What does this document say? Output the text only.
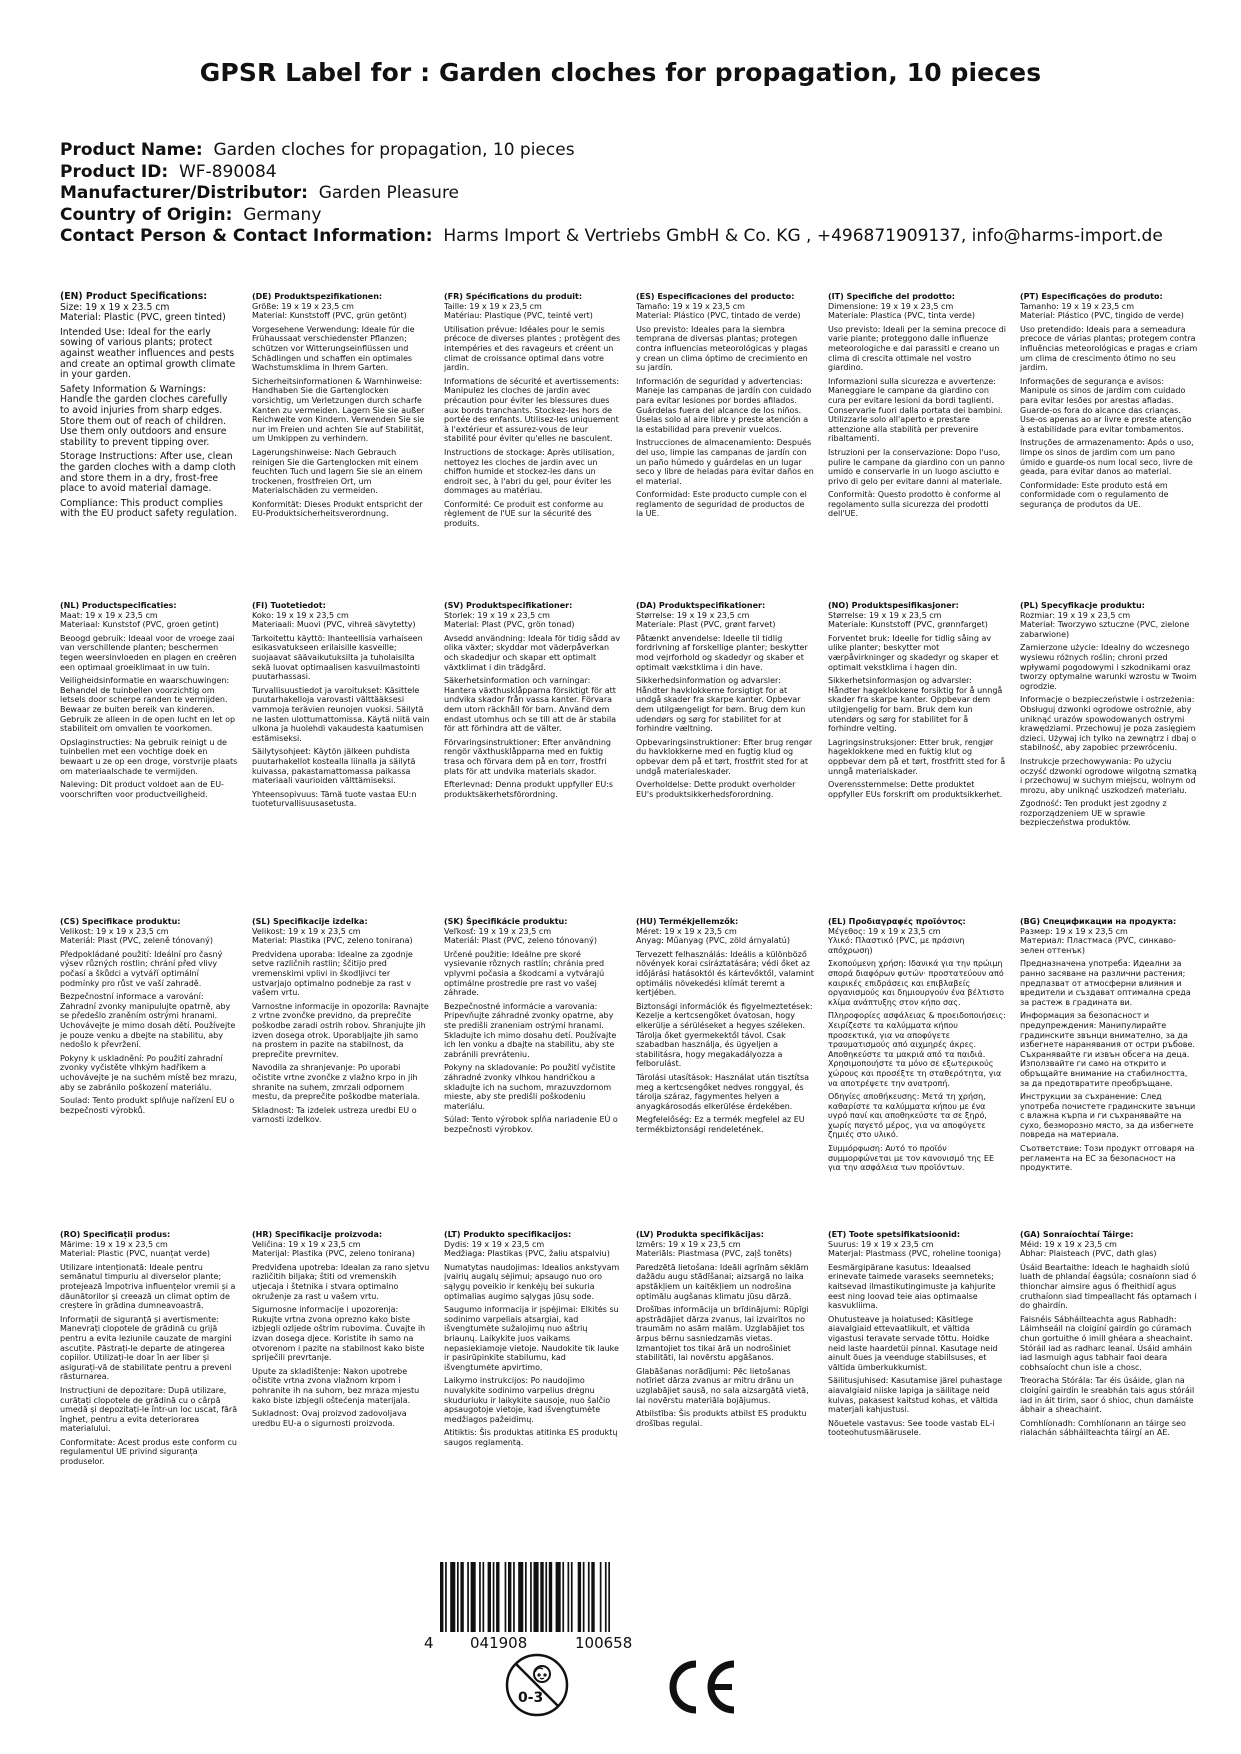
GPSR Label for : Garden cloches for propagation, 10 pieces
Product Name: Garden cloches for propagation, 10 pieces
Product ID: WF-890084
Manufacturer/Distributor: Garden Pleasure
Country of Origin: Germany
Contact Person & Contact Information: Harms Import & Vertriebs GmbH & Co. KG , +496871909137, info@harms-import.de
(EN) Product Specifications:
Size: 19 x 19 x 23.5 cm
Material: Plastic (PVC, green tinted)
Intended Use: Ideal for the early sowing of various plants; protect against weather influences and pests and create an optimal growth climate in your garden.
Safety Information & Warnings: Handle the garden cloches carefully to avoid injuries from sharp edges. Store them out of reach of children. Use them only outdoors and ensure stability to prevent tipping over.
Storage Instructions: After use, clean the garden cloches with a damp cloth and store them in a dry, frost-free place to avoid material damage.
Compliance: This product complies with the EU product safety regulation.
(DE) Produktspezifikationen:
Größe: 19 x 19 x 23,5 cm
Material: Kunststoff (PVC, grün getönt)
Vorgesehene Verwendung: Ideale für die Frühaussaat verschiedenster Pflanzen; schützen vor Witterungseinflüssen und Schädlingen und schaffen ein optimales Wachstumsklima in Ihrem Garten.
Sicherheitsinformationen & Warnhinweise: Handhaben Sie die Gartenglocken vorsichtig, um Verletzungen durch scharfe Kanten zu vermeiden. Lagern Sie sie außer Reichweite von Kindern. Verwenden Sie sie nur im Freien und achten Sie auf Stabilität, um Umkippen zu verhindern.
Lagerungshinweise: Nach Gebrauch reinigen Sie die Gartenglocken mit einem feuchten Tuch und lagern Sie sie an einem trockenen, frostfreien Ort, um Materialschäden zu vermeiden.
Konformität: Dieses Produkt entspricht der EU-Produktsicherheitsverordnung.
(FR) Spécifications du produit:
Taille: 19 x 19 x 23,5 cm
Matériau: Plastique (PVC, teinté vert)
Utilisation prévue: Idéales pour le semis précoce de diverses plantes ; protègent des intempéries et des ravageurs et créent un climat de croissance optimal dans votre jardin.
Informations de sécurité et avertissements: Manipulez les cloches de jardin avec précaution pour éviter les blessures dues aux bords tranchants. Stockez-les hors de portée des enfants. Utilisez-les uniquement à l'extérieur et assurez-vous de leur stabilité pour éviter qu'elles ne basculent.
Instructions de stockage: Après utilisation, nettoyez les cloches de jardin avec un chiffon humide et stockez-les dans un endroit sec, à l'abri du gel, pour éviter les dommages au matériau.
Conformité: Ce produit est conforme au règlement de l'UE sur la sécurité des produits.
(ES) Especificaciones del producto:
Tamaño: 19 x 19 x 23,5 cm
Material: Plástico (PVC, tintado de verde)
Uso previsto: Ideales para la siembra temprana de diversas plantas; protegen contra influencias meteorológicas y plagas y crean un clima óptimo de crecimiento en su jardín.
Información de seguridad y advertencias: Maneje las campanas de jardín con cuidado para evitar lesiones por bordes afilados. Guárdelas fuera del alcance de los niños. Úselas solo al aire libre y preste atención a la estabilidad para prevenir vuelcos.
Instrucciones de almacenamiento: Después del uso, limpie las campanas de jardín con un paño húmedo y guárdelas en un lugar seco y libre de heladas para evitar daños en el material.
Conformidad: Este producto cumple con el reglamento de seguridad de productos de la UE.
(IT) Specifiche del prodotto:
Dimensione: 19 x 19 x 23,5 cm
Materiale: Plastica (PVC, tinta verde)
Uso previsto: Ideali per la semina precoce di varie piante; proteggono dalle influenze meteorologiche e dai parassiti e creano un clima di crescita ottimale nel vostro giardino.
Informazioni sulla sicurezza e avvertenze: Maneggiare le campane da giardino con cura per evitare lesioni da bordi taglienti. Conservarle fuori dalla portata dei bambini. Utilizzarle solo all'aperto e prestare attenzione alla stabilità per prevenire ribaltamenti.
Istruzioni per la conservazione: Dopo l'uso, pulire le campane da giardino con un panno umido e conservarle in un luogo asciutto e privo di gelo per evitare danni al materiale.
Conformità: Questo prodotto è conforme al regolamento sulla sicurezza dei prodotti dell'UE.
(PT) Especificações do produto:
Tamanho: 19 x 19 x 23,5 cm
Material: Plástico (PVC, tingido de verde)
Uso pretendido: Ideais para a semeadura precoce de várias plantas; protegem contra influências meteorológicas e pragas e criam um clima de crescimento ótimo no seu jardim.
Informações de segurança e avisos: Manipule os sinos de jardim com cuidado para evitar lesões por arestas afiadas. Guarde-os fora do alcance das crianças. Use-os apenas ao ar livre e preste atenção à estabilidade para evitar tombamentos.
Instruções de armazenamento: Após o uso, limpe os sinos de jardim com um pano úmido e guarde-os num local seco, livre de geada, para evitar danos ao material.
Conformidade: Este produto está em conformidade com o regulamento de segurança de produtos da UE.
(NL) Productspecificaties:
Maat: 19 x 19 x 23,5 cm
Materiaal: Kunststof (PVC, groen getint)
Beoogd gebruik: Ideaal voor de vroege zaai van verschillende planten; beschermen tegen weersinvloeden en plagen en creëren een optimaal groeiklimaat in uw tuin.
Veiligheidsinformatie en waarschuwingen: Behandel de tuinbellen voorzichtig om letsels door scherpe randen te vermijden. Bewaar ze buiten bereik van kinderen. Gebruik ze alleen in de open lucht en let op stabiliteit om omvallen te voorkomen.
Opslaginstructies: Na gebruik reinigt u de tuinbellen met een vochtige doek en bewaart u ze op een droge, vorstvrije plaats om materiaalschade te vermijden.
Naleving: Dit product voldoet aan de EU-voorschriften voor productveiligheid.
(FI) Tuotetiedot:
Koko: 19 x 19 x 23,5 cm
Materiaali: Muovi (PVC, vihreä sävytetty)
Tarkoitettu käyttö: Ihanteellisia varhaiseen esikasvatukseen erilaisille kasveille; suojaavat säävaikutuksilta ja tuholaisilta sekä luovat optimaalisen kasvuilmastointi puutarhassasi.
Turvallisuustiedot ja varoitukset: Käsittele puutarhakelloja varovasti välttääksesi vammoja terävien reunojen vuoksi. Säilytä ne lasten ulottumattomissa. Käytä niitä vain ulkona ja huolehdi vakaudesta kaatumisen estämiseksi.
Säilytysohjeet: Käytön jälkeen puhdista puutarhakellot kostealla liinalla ja säilytä kuivassa, pakastamattomassa paikassa materiaali vaurioiden välttämiseksi.
Yhteensopivuus: Tämä tuote vastaa EU:n tuoteturvallisuusasetusta.
(SV) Produktspecifikationer:
Storlek: 19 x 19 x 23,5 cm
Material: Plast (PVC, grön tonad)
Avsedd användning: Ideala för tidig sådd av olika växter; skyddar mot väderpåverkan och skadedjur och skapar ett optimalt växtklimat i din trädgård.
Säkerhetsinformation och varningar: Hantera växthusklåpparna försiktigt för att undvika skador från vassa kanter. Förvara dem utom räckhåll för barn. Använd dem endast utomhus och se till att de är stabila för att förhindra att de välter.
Förvaringsinstruktioner: Efter användning rengör växthusklåpparna med en fuktig trasa och förvara dem på en torr, frostfri plats för att undvika materials skador.
Efterlevnad: Denna produkt uppfyller EU:s produktsäkerhetsförordning.
(DA) Produktspecifikationer:
Størrelse: 19 x 19 x 23,5 cm
Materiale: Plast (PVC, grønt farvet)
Påtænkt anvendelse: Ideelle til tidlig fordrivning af forskellige planter; beskytter mod vejrforhold og skadedyr og skaber et optimalt vækstklima i din have.
Sikkerhedsinformation og advarsler: Håndter havklokkerne forsigtigt for at undgå skader fra skarpe kanter. Opbevar dem utilgængeligt for børn. Brug dem kun udendørs og sørg for stabilitet for at forhindre væltning.
Opbevaringsinstruktioner: Efter brug rengør du havklokkerne med en fugtig klud og opbevar dem på et tørt, frostfrit sted for at undgå materialeskader.
Overholdelse: Dette produkt overholder EU's produktsikkerhedsforordning.
(NO) Produktspesifikasjoner:
Størrelse: 19 x 19 x 23,5 cm
Materiale: Kunststoff (PVC, grønnfarget)
Forventet bruk: Ideelle for tidlig såing av ulike planter; beskytter mot værpåvirkninger og skadedyr og skaper et optimalt vekstklima i hagen din.
Sikkerhetsinformasjon og advarsler: Håndter hageklokkene forsiktig for å unngå skader fra skarpe kanter. Oppbevar dem utilgjengelig for barn. Bruk dem kun utendørs og sørg for stabilitet for å forhindre velting.
Lagringsinstruksjoner: Etter bruk, rengjør hageklokkene med en fuktig klut og oppbevar dem på et tørt, frostfritt sted for å unngå materialskader.
Overensstemmelse: Dette produktet oppfyller EUs forskrift om produktsikkerhet.
(PL) Specyfikacje produktu:
Rozmiar: 19 x 19 x 23,5 cm
Materiał: Tworzywo sztuczne (PVC, zielone zabarwione)
Zamierzone użycie: Idealny do wczesnego wysiewu różnych roślin; chroni przed wpływami pogodowymi i szkodnikami oraz tworzy optymalne warunki wzrostu w Twoim ogrodzie.
Informacje o bezpieczeństwie i ostrzeżenia: Obsługuj dzwonki ogrodowe ostrożnie, aby uniknąć urazów spowodowanych ostrymi krawędziami. Przechowuj je poza zasięgiem dzieci. Używaj ich tylko na zewnątrz i dbaj o stabilność, aby zapobiec przewróceniu.
Instrukcje przechowywania: Po użyciu oczyść dzwonki ogrodowe wilgotną szmatką i przechowuj w suchym miejscu, wolnym od mrozu, aby uniknąć uszkodzeń materiału.
Zgodność: Ten produkt jest zgodny z rozporządzeniem UE w sprawie bezpieczeństwa produktów.
(CS) Specifikace produktu:
Velikost: 19 x 19 x 23,5 cm
Materiál: Plast (PVC, zeleně tónovaný)
Předpokládané použití: Ideální pro časný výsev různých rostlin; chrání před vlivy počasí a škůdci a vytváří optimální podmínky pro růst ve vaší zahradě.
Bezpečnostní informace a varování: Zahradní zvonky manipulujte opatrně, aby se předešlo zraněním ostrými hranami. Uchovávejte je mimo dosah dětí. Používejte je pouze venku a dbejte na stabilitu, aby nedošlo k převržení.
Pokyny k uskladnění: Po použití zahradní zvonky vyčistěte vlhkým hadříkem a uchovávejte je na suchém místě bez mrazu, aby se zabránilo poškození materiálu.
Soulad: Tento produkt splňuje nařízení EU o bezpečnosti výrobků.
(SL) Specifikacije izdelka:
Velikost: 19 x 19 x 23,5 cm
Material: Plastika (PVC, zeleno tonirana)
Predvidena uporaba: Idealne za zgodnje setve različnih rastlin; ščitijo pred vremenskimi vplivi in škodljivci ter ustvarjajo optimalno podnebje za rast v vašem vrtu.
Varnostne informacije in opozorila: Ravnajte z vrtne zvončke previdno, da preprečite poškodbe zaradi ostrih robov. Shranjujte jih izven dosega otrok. Uporabljajte jih samo na prostem in pazite na stabilnost, da preprečite prevrnitev.
Navodila za shranjevanje: Po uporabi očistite vrtne zvončke z vlažno krpo in jih shranite na suhem, zmrzali odpornem mestu, da preprečite poškodbe materiala.
Skladnost: Ta izdelek ustreza uredbi EU o varnosti izdelkov.
(SK) Špecifikácie produktu:
Veľkosť: 19 x 19 x 23,5 cm
Materiál: Plast (PVC, zeleno tónovaný)
Určené použitie: Ideálne pre skoré vysievanie rôznych rastlín; chránia pred vplyvmi počasia a škodcami a vytvárajú optimálne prostredie pre rast vo vašej záhrade.
Bezpečnostné informácie a varovania: Pripevňujte záhradné zvonky opatrne, aby ste predišli zraneniam ostrými hranami. Skladujte ich mimo dosahu detí. Používajte ich len vonku a dbajte na stabilitu, aby ste zabránili prevráteniu.
Pokyny na skladovanie: Po použití vyčistite záhradné zvonky vlhkou handričkou a skladujte ich na suchom, mrazuvzdornom mieste, aby ste predišli poškodeniu materiálu.
Súlad: Tento výrobok spĺňa nariadenie EÚ o bezpečnosti výrobkov.
(HU) Termékjellemzők:
Méret: 19 x 19 x 23,5 cm
Anyag: Műanyag (PVC, zöld árnyalatú)
Tervezett felhasználás: Ideális a különböző növények korai csíráztatására; védi őket az időjárási hatásoktól és kártevőktől, valamint optimális növekedési klímát teremt a kertjében.
Biztonsági információk és figyelmeztetések: Kezelje a kertcsengőket óvatosan, hogy elkerülje a sérüléseket a hegyes széleken. Tárolja őket gyermekektől távol. Csak szabadban használja, és ügyeljen a stabilitásra, hogy megakadályozza a felborulást.
Tárolási utasítások: Használat után tisztítsa meg a kertcsengőket nedves ronggyal, és tárolja száraz, fagymentes helyen a anyagkárosodás elkerülése érdekében.
Megfelelőség: Ez a termék megfelel az EU termékbiztonsági rendeletének.
(EL) Προδιαγραφές προϊόντος:
Μέγεθος: 19 x 19 x 23,5 cm
Υλικό: Πλαστικό (PVC, με πράσινη απόχρωση)
Σκοπούμενη χρήση: Ιδανικά για την πρώιμη σπορά διαφόρων φυτών· προστατεύουν από καιρικές επιδράσεις και επιβλαβείς οργανισμούς και δημιουργούν ένα βέλτιστο κλίμα ανάπτυξης στον κήπο σας.
Πληροφορίες ασφάλειας & προειδοποιήσεις: Χειρίζεστε τα καλύμματα κήπου προσεκτικά, για να αποφύγετε τραυματισμούς από αιχμηρές άκρες. Αποθηκεύστε τα μακριά από τα παιδιά. Χρησιμοποιήστε τα μόνο σε εξωτερικούς χώρους και προσέξτε τη σταθερότητα, για να αποτρέψετε την ανατροπή.
Οδηγίες αποθήκευσης: Μετά τη χρήση, καθαρίστε τα καλύμματα κήπου με ένα υγρό πανί και αποθηκεύστε τα σε ξηρό, χωρίς παγετό μέρος, για να αποφύγετε ζημιές στο υλικό.
Συμμόρφωση: Αυτό το προϊόν συμμορφώνεται με τον κανονισμό της ΕΕ για την ασφάλεια των προϊόντων.
(BG) Спецификации на продукта:
Размер: 19 x 19 x 23,5 cm
Материал: Пластмаса (PVC, синкаво-зелен оттенък)
Предназначена употреба: Идеални за ранно засяване на различни растения; предпазват от атмосферни влияния и вредители и създават оптимална среда за растеж в градината ви.
Информация за безопасност и предупреждения: Манипулирайте градинските звънци внимателно, за да избегнете наранявания от остри ръбове. Съхранявайте ги извън обсега на деца. Използвайте ги само на открито и обръщайте внимание на стабилността, за да предотвратите преобръщане.
Инструкции за съхранение: След употреба почистете градинските звънци с влажна кърпа и ги съхранявайте на сухо, безморозно място, за да избегнете повреда на материала.
Съответствие: Този продукт отговаря на регламента на ЕС за безопасност на продуктите.
(RO) Specificații produs:
Mărime: 19 x 19 x 23,5 cm
Material: Plastic (PVC, nuanțat verde)
Utilizare intenționată: Ideale pentru semănatul timpuriu al diverselor plante; protejează împotriva influențelor vremii și a dăunătorilor și creează un climat optim de creștere în grădina dumneavoastră.
Informații de siguranță și avertismente: Manevrați clopotele de grădină cu grijă pentru a evita leziunile cauzate de margini ascuțite. Păstrați-le departe de atingerea copiilor. Utilizați-le doar în aer liber și asigurați-vă de stabilitate pentru a preveni răsturnarea.
Instrucțiuni de depozitare: După utilizare, curățați clopotele de grădină cu o cârpă umedă și depozitați-le într-un loc uscat, fără înghet, pentru a evita deteriorarea materialului.
Conformitate: Acest produs este conform cu regulamentul UE privind siguranța produselor.
(HR) Specifikacije proizvoda:
Veličina: 19 x 19 x 23,5 cm
Materijal: Plastika (PVC, zeleno tonirana)
Predviđena upotreba: Idealan za rano sjetvu različitih biljaka; štiti od vremenskih utjecaja i štetnika i stvara optimalno okruženje za rast u vašem vrtu.
Sigurnosne informacije i upozorenja: Rukujte vrtna zvona oprezno kako biste izbjegli ozljede oštrim rubovima. Čuvajte ih izvan dosega djece. Koristite ih samo na otvorenom i pazite na stabilnost kako biste spriječili prevrtanje.
Upute za skladištenje: Nakon upotrebe očistite vrtna zvona vlažnom krpom i pohranite ih na suhom, bez mraza mjestu kako biste izbjegli oštećenja materijala.
Sukladnost: Ovaj proizvod zadovoljava uredbu EU-a o sigurnosti proizvoda.
(LT) Produkto specifikacijos:
Dydis: 19 x 19 x 23,5 cm
Medžiaga: Plastikas (PVC, žaliu atspalviu)
Numatytas naudojimas: Idealios ankstyvam įvairių augalų sėjimui; apsaugo nuo oro sąlygų poveikio ir kenkėjų bei sukuria optimalias augimo sąlygas jūsų sode.
Saugumo informacija ir įspėjimai: Elkitės su sodinimo varpeliais atsargiai, kad išvengtumėte sužalojimų nuo aštrių briaunų. Laikykite juos vaikams nepasiekiamoje vietoje. Naudokite tik lauke ir pasirūpinkite stabilumu, kad išvengtumėte apvirtimo.
Laikymo instrukcijos: Po naudojimo nuvalykite sodinimo varpelius drėgnu skuduriuku ir laikykite sausoje, nuo šalčio apsaugotoje vietoje, kad išvengtumėte medžiagos pažeidimų.
Atitiktis: Šis produktas atitinka ES produktų saugos reglamentą.
(LV) Produkta specifikācijas:
Izmērs: 19 x 19 x 23,5 cm
Materiāls: Plastmasa (PVC, zaļš tonēts)
Paredzētā lietošana: Ideāli agrīnām sēklām dažādu augu stādīšanai; aizsargā no laika apstākļiem un kaitēkļiem un nodrošina optimālu augšanas klimatu jūsu dārzā.
Drošības informācija un brīdinājumi: Rūpīgi apstrādājiet dārza zvanus, lai izvairītos no traumām no asām malām. Uzglabājiet tos ārpus bērnu sasniedzamās vietas. Izmantojiet tos tikai ārā un nodrošiniet stabilitāti, lai novērstu apgāšanos.
Glabāšanas norādījumi: Pēc lietošanas notīriet dārza zvanus ar mitru drānu un uzglabājiet sausā, no sala aizsargātā vietā, lai novērstu materiāla bojājumus.
Atbilstība: Šis produkts atbilst ES produktu drošības regulai.
(ET) Toote spetsifikatsioonid:
Suurus: 19 x 19 x 23,5 cm
Materjal: Plastmass (PVC, roheline tooniga)
Eesmärgipärane kasutus: Ideaalsed erinevate taimede varaseks seemneteks; kaitsevad ilmastikutingimuste ja kahjurite eest ning loovad teie aias optimaalse kasvukliima.
Ohutusteave ja hoiatused: Käsitlege aiavalgiaid ettevaatlikult, et vältida vigastusi teravate servade tõttu. Hoidke neid laste haardetüi pinnal. Kasutage neid ainult õues ja veenduge stabiilsuses, et vältida ümberkukkumist.
Säilitusjuhised: Kasutamise järel puhastage aiavalgiaid niiske lapiga ja säilitage neid kuivas, pakasest kaitstud kohas, et vältida materjali kahjustusi.
Nõuetele vastavus: See toode vastab EL-i tooteohutusmäärusele.
(GA) Sonraíochtaí Táirge:
Méid: 19 x 19 x 23,5 cm
Ábhar: Plaisteach (PVC, dath glas)
Úsáid Beartaithe: Ideach le haghaidh síolú luath de phlandaí éagsúla; cosnaíonn siad ó thionchar aimsire agus ó fheithidí agus cruthaíonn siad timpeallacht fás optamach i do ghairdín.
Faisnéis Sábháilteachta agus Rabhadh: Láimhseáil na cloigíní gairdín go cúramach chun gortuithe ó imill ghéara a sheachaint. Stóráil iad as radharc leanaí. Úsáid amháin iad lasmuigh agus tabhair faoi deara cobhsaíocht chun isle a chosc.
Treoracha Stórála: Tar éis úsáide, glan na cloigíní gairdín le sreabhán tais agus stóráil iad in áit tirim, saor ó shioc, chun damáiste ábhair a sheachaint.
Comhlíonadh: Comhlíonann an táirge seo rialachán sábháilteachta táirgí an AE.
4 041908	100658
0-3
